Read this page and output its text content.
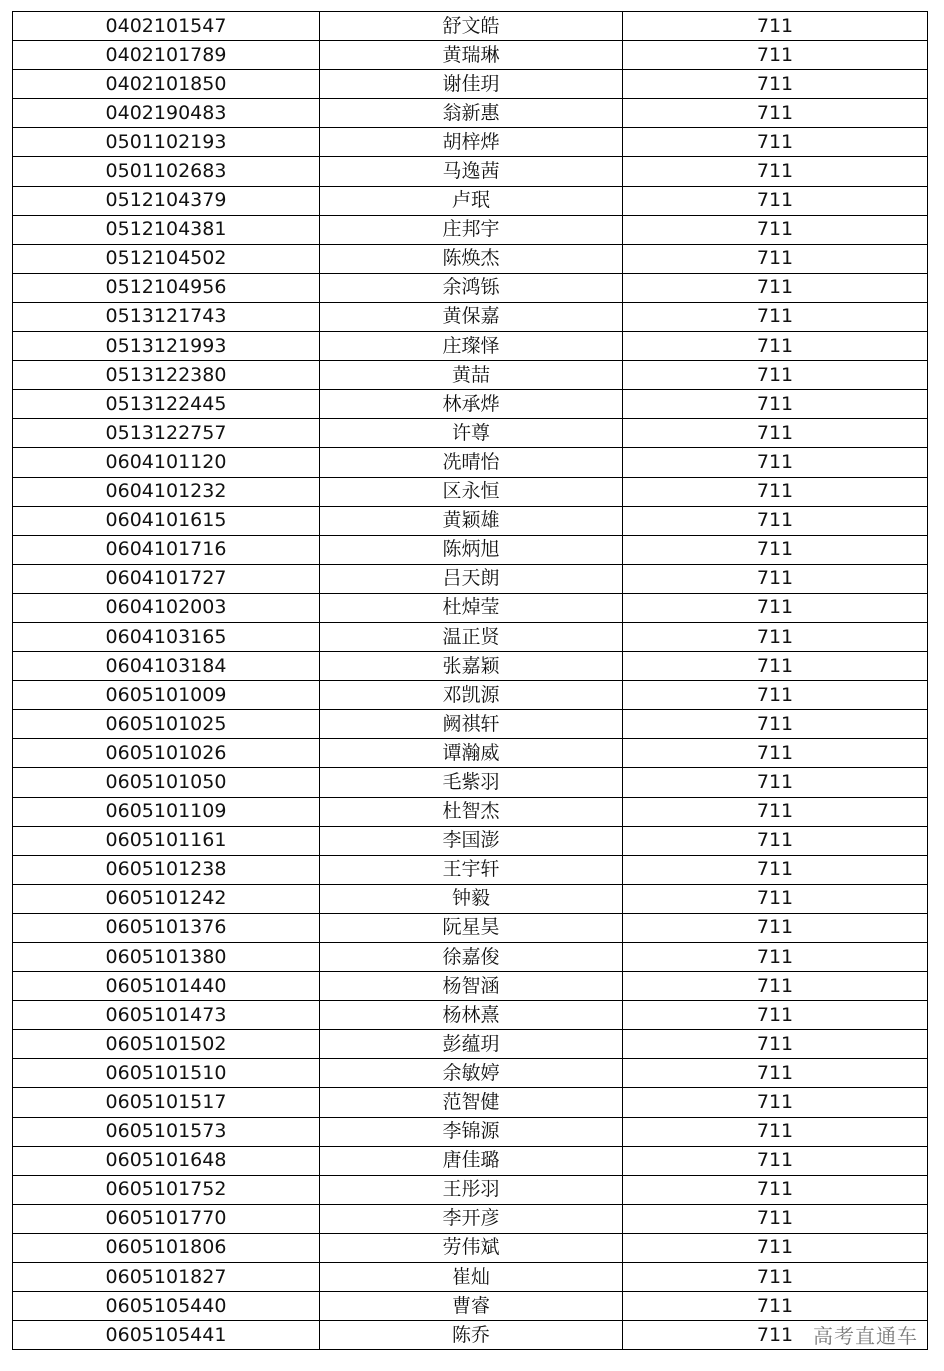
0402101547	舒文皓	711
0402101789	黄瑞琳	711
0402101850	谢佳玥	711
0402190483	翁新惠	711
0501102193	胡梓烨	711
0501102683	马逸茜	711
0512104379	卢珉	711
0512104381	庄邦宇	711
0512104502	陈焕杰	711
0512104956	余鸿铄	711
0513121743	黄保嘉	711
0513121993	庄璨怿	711
0513122380	黄喆	711
0513122445	林承烨	711
0513122757	许尊	711
0604101120	冼晴怡	711
0604101232	区永恒	711
0604101615	黄颖雄	711
0604101716	陈炳旭	711
0604101727	吕天朗	711
0604102003	杜焯莹	711
0604103165	温正贤	711
0604103184	张嘉颖	711
0605101009	邓凯源	711
0605101025	阙祺轩	711
0605101026	谭瀚威	711
0605101050	毛紫羽	711
0605101109	杜智杰	711
0605101161	李国澎	711
0605101238	王宇轩	711
0605101242	钟毅	711
0605101376	阮星昊	711
0605101380	徐嘉俊	711
0605101440	杨智涵	711
0605101473	杨林熹	711
0605101502	彭蕴玥	711
0605101510	余敏婷	711
0605101517	范智健	711
0605101573	李锦源	711
0605101648	唐佳璐	711
0605101752	王彤羽	711
0605101770	李开彦	711
0605101806	劳伟斌	711
0605101827	崔灿	711
0605105440	曹睿	711
0605105441	陈乔	711 高考直通车
